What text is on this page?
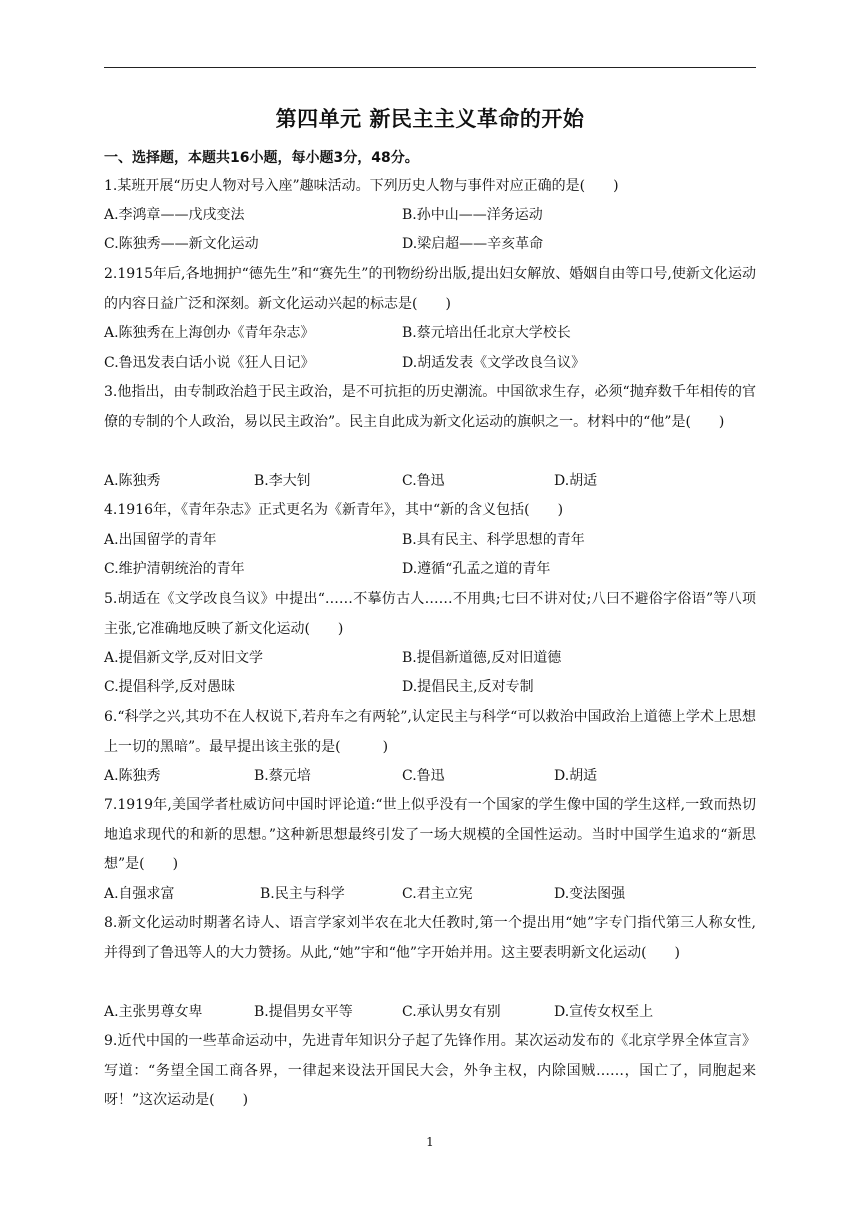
第四单元 新民主主义革命的开始
一、选择题，本题共16小题，每小题3分，48分。
1.某班开展“历史人物对号入座”趣味活动。下列历史人物与事件对应正确的是(　　)
A.李鸿章——戊戌变法	B.孙中山——洋务运动
C.陈独秀——新文化运动	D.梁启超——辛亥革命
2.1915年后,各地拥护“德先生”和“赛先生”的刊物纷纷出版,提出妇女解放、婚姻自由等口号,使新文化运动的内容日益广泛和深刻。新文化运动兴起的标志是(　　)
A.陈独秀在上海创办《青年杂志》	B.蔡元培出任北京大学校长
C.鲁迅发表白话小说《狂人日记》	D.胡适发表《文学改良刍议》
3.他指出，由专制政治趋于民主政治，是不可抗拒的历史潮流。中国欲求生存，必须“抛弃数千年相传的官僚的专制的个人政治，易以民主政治”。民主自此成为新文化运动的旗帜之一。材料中的“他”是(　　)
A.陈独秀	B.李大钊	C.鲁迅	D.胡适
4.1916年，《青年杂志》正式更名为《新青年》，其中“新的含义包括(　　)
A.出国留学的青年	B.具有民主、科学思想的青年
C.维护清朝统治的青年	D.遵循“孔孟之道的青年
5.胡适在《文学改良刍议》中提出“……不摹仿古人……不用典;七曰不讲对仗;八曰不避俗字俗语”等八项主张,它准确地反映了新文化运动(　　)
A.提倡新文学,反对旧文学	B.提倡新道德,反对旧道德
C.提倡科学,反对愚昧	D.提倡民主,反对专制
6.“科学之兴,其功不在人权说下,若舟车之有两轮”,认定民主与科学“可以救治中国政治上道德上学术上思想上一切的黑暗”。最早提出该主张的是(　　　)
A.陈独秀	B.蔡元培	C.鲁迅	D.胡适
7.1919年,美国学者杜威访问中国时评论道:“世上似乎没有一个国家的学生像中国的学生这样,一致而热切地追求现代的和新的思想。”这种新思想最终引发了一场大规模的全国性运动。当时中国学生追求的“新思想”是(　　)
A.自强求富	B.民主与科学	C.君主立宪	D.变法图强
8.新文化运动时期著名诗人、语言学家刘半农在北大任教时,第一个提出用“她”字专门指代第三人称女性,并得到了鲁迅等人的大力赞扬。从此,“她”宇和“他”字开始并用。这主要表明新文化运动(　　)
A.主张男尊女卑	B.提倡男女平等	C.承认男女有别	D.宣传女权至上
9.近代中国的一些革命运动中，先进青年知识分子起了先锋作用。某次运动发布的《北京学界全体宣言》写道：“务望全国工商各界，一律起来设法开国民大会，外争主权，内除国贼……，国亡了，同胞起来呀！”这次运动是(　　)
1
